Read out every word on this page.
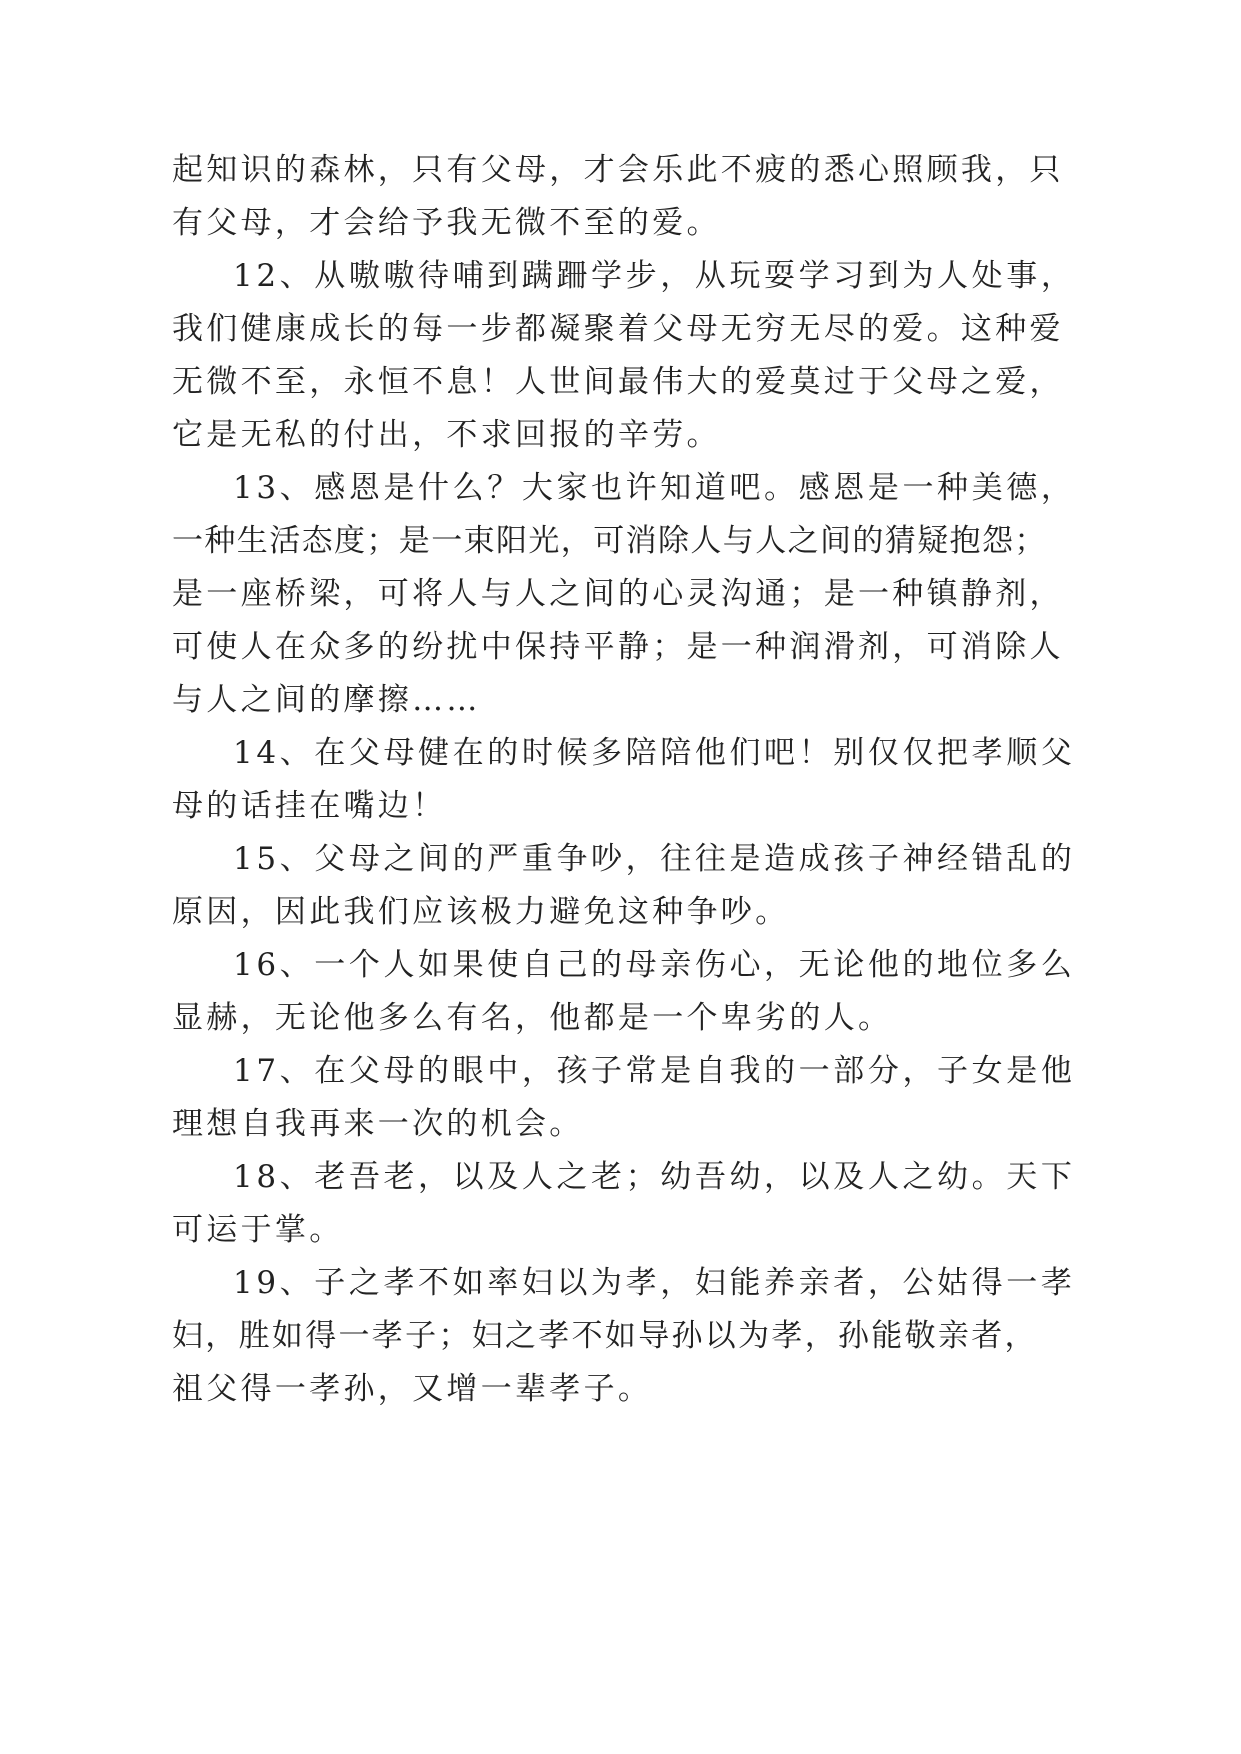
起知识的森林，只有父母，才会乐此不疲的悉心照顾我，只
有父母，才会给予我无微不至的爱。
12、从嗷嗷待哺到蹒跚学步，从玩耍学习到为人处事，
我们健康成长的每一步都凝聚着父母无穷无尽的爱。这种爱
无微不至，永恒不息！人世间最伟大的爱莫过于父母之爱，
它是无私的付出，不求回报的辛劳。
13、感恩是什么？大家也许知道吧。感恩是一种美德，
一种生活态度；是一束阳光，可消除人与人之间的猜疑抱怨；
是一座桥梁，可将人与人之间的心灵沟通；是一种镇静剂，
可使人在众多的纷扰中保持平静；是一种润滑剂，可消除人
与人之间的摩擦……
14、在父母健在的时候多陪陪他们吧！别仅仅把孝顺父
母的话挂在嘴边！
15、父母之间的严重争吵，往往是造成孩子神经错乱的
原因，因此我们应该极力避免这种争吵。
16、一个人如果使自己的母亲伤心，无论他的地位多么
显赫，无论他多么有名，他都是一个卑劣的人。
17、在父母的眼中，孩子常是自我的一部分，子女是他
理想自我再来一次的机会。
18、老吾老，以及人之老；幼吾幼，以及人之幼。天下
可运于掌。
19、子之孝不如率妇以为孝，妇能养亲者，公姑得一孝
妇，胜如得一孝子；妇之孝不如导孙以为孝，孙能敬亲者，
祖父得一孝孙，又增一辈孝子。
